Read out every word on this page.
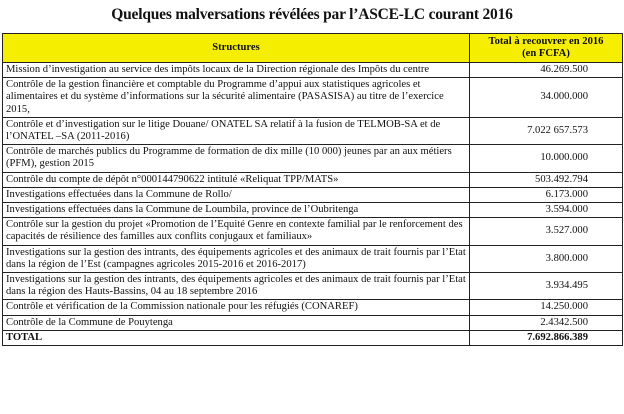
Quelques malversations révélées par l’ASCE-LC courant 2016
Structures	Total à recouvrer en 2016
(en FCFA)
Mission d’investigation au service des impôts locaux de la Direction régionale des Impôts du centre	46.269.500
Contrôle de la gestion financière et comptable du Programme d’appui aux statistiques agricoles et alimentaires et du système d’informations sur la sécurité alimentaire (PASASISA) au titre de l’exercice 2015,	34.000.000
Contrôle et d’investigation sur le litige Douane/ ONATEL SA relatif à la fusion de TELMOB-SA et de l’ONATEL –SA (2011-2016)	7.022 657.573
Contrôle de marchés publics du Programme de formation de dix mille (10 000) jeunes par an aux métiers (PFM), gestion 2015	10.000.000
Contrôle du compte de dépôt n°000144790622 intitulé «Reliquat TPP/MATS»	503.492.794
Investigations effectuées dans la Commune de Rollo/	6.173.000
Investigations effectuées dans la Commune de Loumbila, province de l’Oubritenga	3.594.000
Contrôle sur la gestion du projet «Promotion de l’Equité Genre en contexte familial par le renforcement des capacités de résilience des familles aux conflits conjugaux et familiaux»	3.527.000
Investigations sur la gestion des intrants, des équipements agricoles et des animaux de trait fournis par l’Etat dans la région de l’Est (campagnes agricoles 2015-2016 et 2016-2017)	3.800.000
Investigations sur la gestion des intrants, des équipements agricoles et des animaux de trait fournis par l’Etat dans la région des Hauts-Bassins, 04 au 18 septembre 2016	3.934.495
Contrôle et vérification de la Commission nationale pour les réfugiés (CONAREF)	14.250.000
Contrôle de la Commune de Pouytenga	2.4342.500
TOTAL	7.692.866.389
